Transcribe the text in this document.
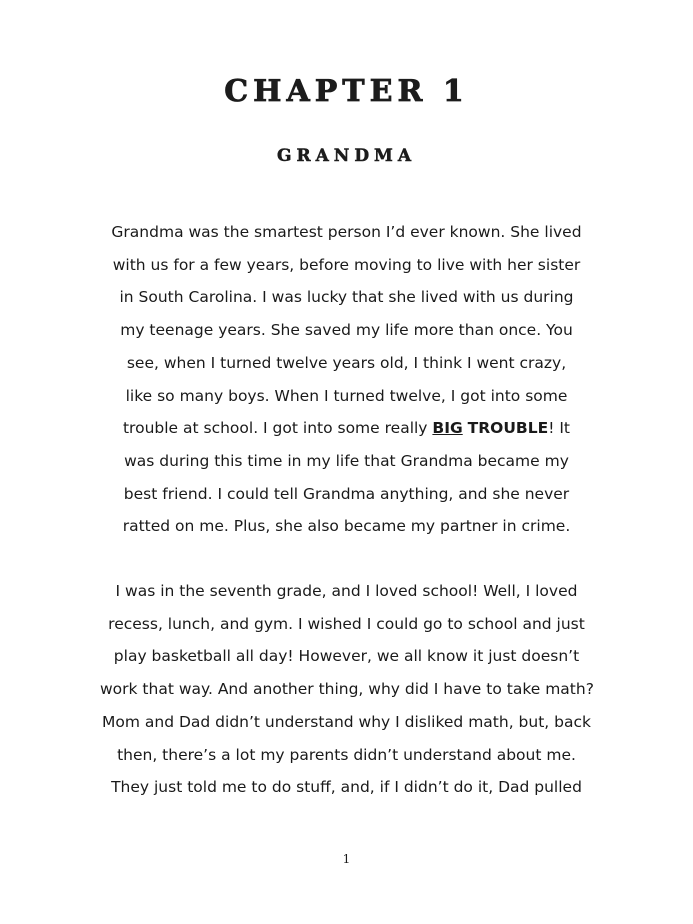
CHAPTER 1
GRANDMA

Grandma was the smartest person I’d ever known. She lived
with us for a few years, before moving to live with her sister
in South Carolina. I was lucky that she lived with us during
my teenage years. She saved my life more than once. You
see, when I turned twelve years old, I think I went crazy,
like so many boys. When I turned twelve, I got into some
trouble at school. I got into some really BIG TROUBLE! It
was during this time in my life that Grandma became my
best friend. I could tell Grandma anything, and she never
ratted on me. Plus, she also became my partner in crime.

I was in the seventh grade, and I loved school! Well, I loved
recess, lunch, and gym. I wished I could go to school and just
play basketball all day! However, we all know it just doesn’t
work that way. And another thing, why did I have to take math?
Mom and Dad didn’t understand why I disliked math, but, back
then, there’s a lot my parents didn’t understand about me.
They just told me to do stuff, and, if I didn’t do it, Dad pulled

1
